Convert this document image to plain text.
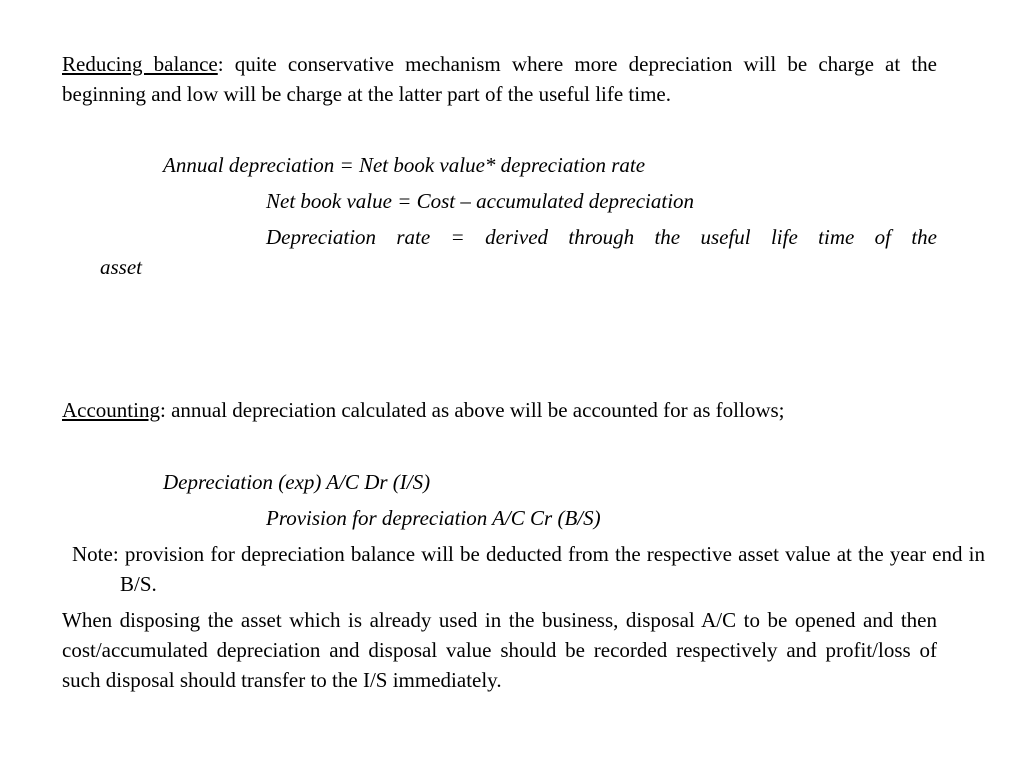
Reducing balance: quite conservative mechanism where more depreciation will be charge at the beginning and low will be charge at the latter part of the useful life time.

Annual depreciation = Net book value* depreciation rate

Net book value = Cost – accumulated depreciation

Depreciation rate = derived through the useful life time of the

asset

Accounting: annual depreciation calculated as above will be accounted for as follows;

Depreciation (exp) A/C Dr (I/S)

Provision for depreciation A/C Cr (B/S)

Note: provision for depreciation balance will be deducted from the respective asset value at the year end in B/S.

When disposing the asset which is already used in the business, disposal A/C to be opened and then cost/accumulated depreciation and disposal value should be recorded respectively and profit/loss of such disposal should transfer to the I/S immediately.
